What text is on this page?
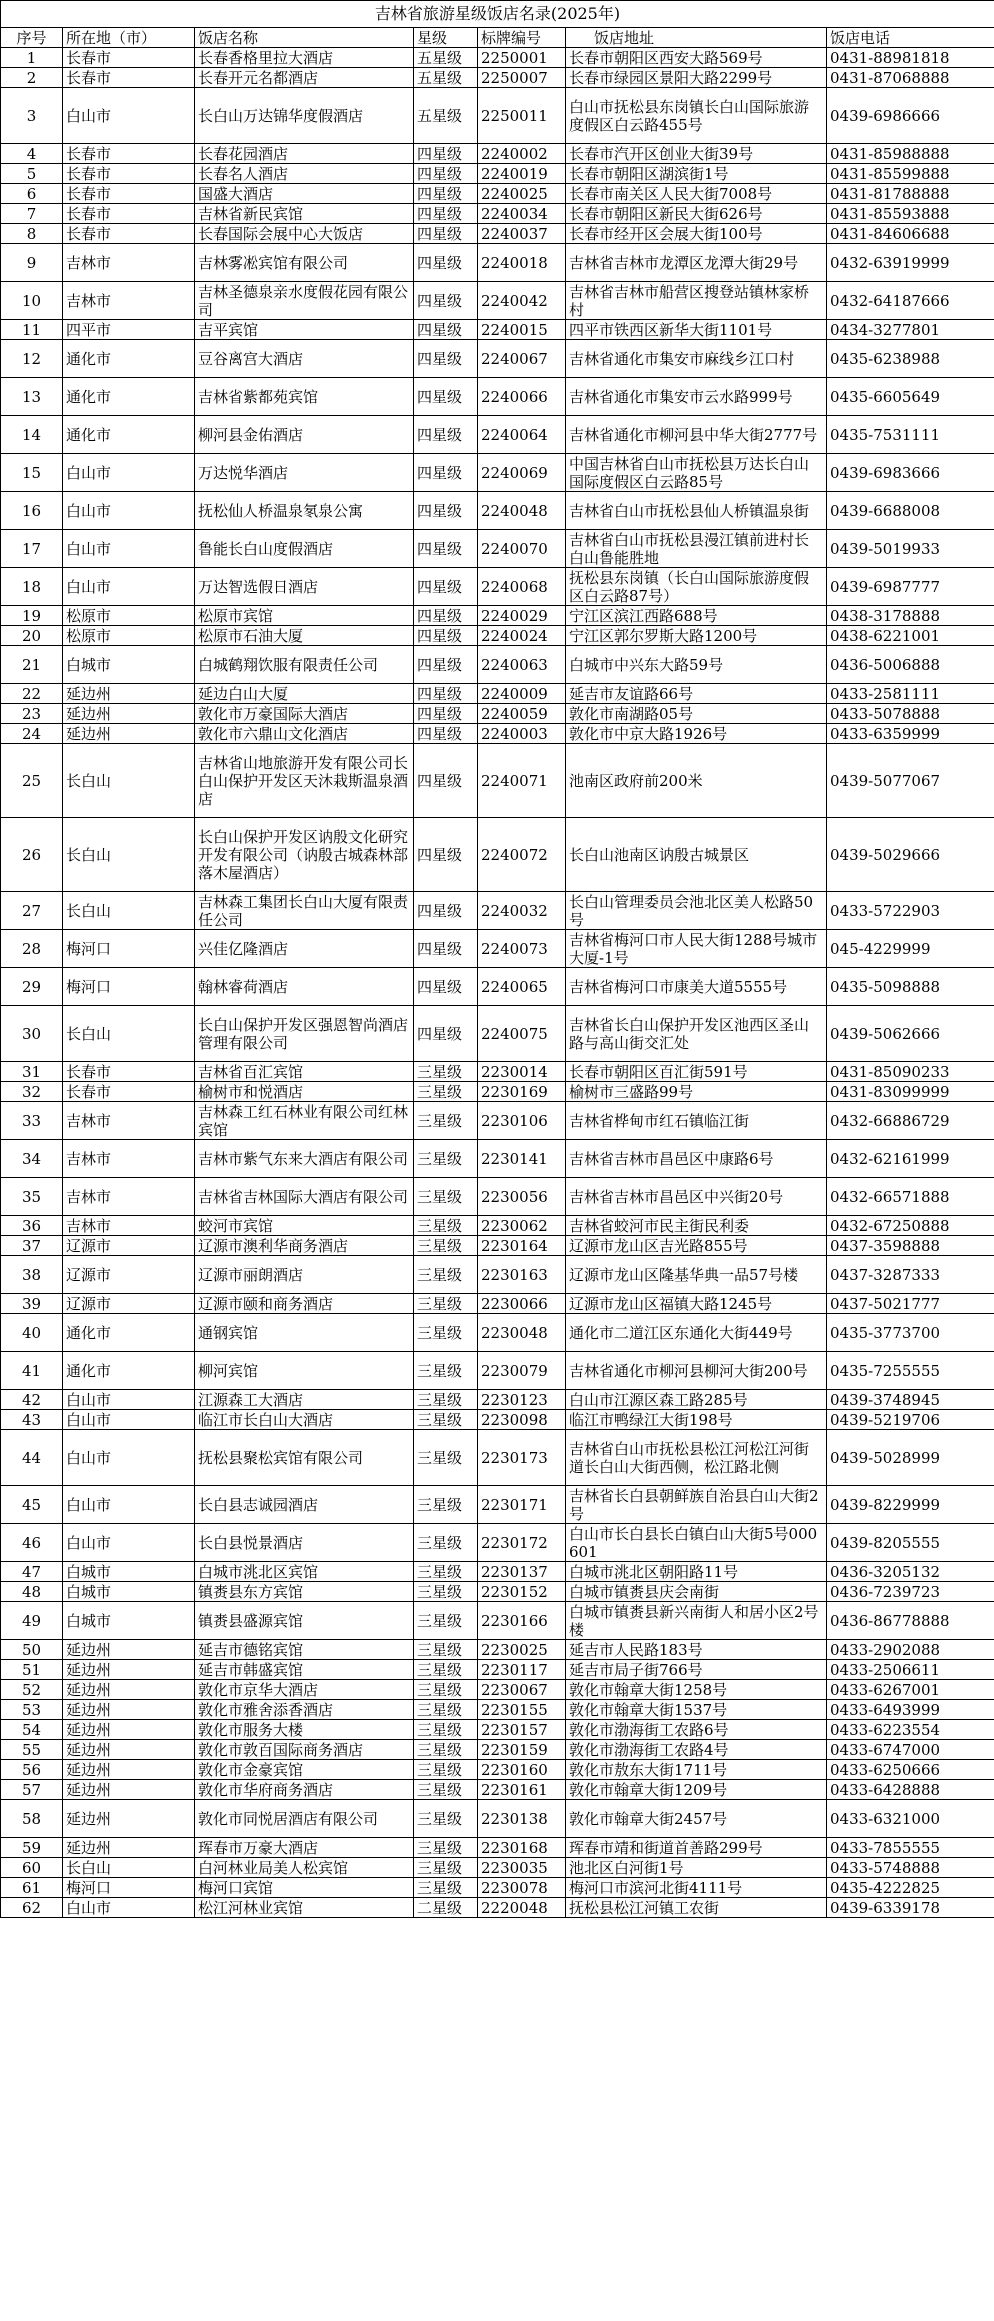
吉林省旅游星级饭店名录(2025年)						
序号	所在地（市）	饭店名称	星级	标牌编号	饭店地址	饭店电话
1	长春市	长春香格里拉大酒店	五星级	2250001	长春市朝阳区西安大路569号	0431-88981818
2	长春市	长春开元名都酒店	五星级	2250007	长春市绿园区景阳大路2299号	0431-87068888
3	白山市	长白山万达锦华度假酒店	五星级	2250011	白山市抚松县东岗镇长白山国际旅游度假区白云路455号	0439-6986666
4	长春市	长春花园酒店	四星级	2240002	长春市汽开区创业大街39号	0431-85988888
5	长春市	长春名人酒店	四星级	2240019	长春市朝阳区湖滨街1号	0431-85599888
6	长春市	国盛大酒店	四星级	2240025	长春市南关区人民大街7008号	0431-81788888
7	长春市	吉林省新民宾馆	四星级	2240034	长春市朝阳区新民大街626号	0431-85593888
8	长春市	长春国际会展中心大饭店	四星级	2240037	长春市经开区会展大街100号	0431-84606688
9	吉林市	吉林雾凇宾馆有限公司	四星级	2240018	吉林省吉林市龙潭区龙潭大街29号	0432-63919999
10	吉林市	吉林圣德泉亲水度假花园有限公司	四星级	2240042	吉林省吉林市船营区搜登站镇林家桥村	0432-64187666
11	四平市	吉平宾馆	四星级	2240015	四平市铁西区新华大街1101号	0434-3277801
12	通化市	豆谷离宫大酒店	四星级	2240067	吉林省通化市集安市麻线乡江口村	0435-6238988
13	通化市	吉林省紫都苑宾馆	四星级	2240066	吉林省通化市集安市云水路999号	0435-6605649
14	通化市	柳河县金佑酒店	四星级	2240064	吉林省通化市柳河县中华大街2777号	0435-7531111
15	白山市	万达悦华酒店	四星级	2240069	中国吉林省白山市抚松县万达长白山国际度假区白云路85号	0439-6983666
16	白山市	抚松仙人桥温泉氡泉公寓	四星级	2240048	吉林省白山市抚松县仙人桥镇温泉街	0439-6688008
17	白山市	鲁能长白山度假酒店	四星级	2240070	吉林省白山市抚松县漫江镇前进村长白山鲁能胜地	0439-5019933
18	白山市	万达智选假日酒店	四星级	2240068	抚松县东岗镇（长白山国际旅游度假区白云路87号）	0439-6987777
19	松原市	松原市宾馆	四星级	2240029	宁江区滨江西路688号	0438-3178888
20	松原市	松原市石油大厦	四星级	2240024	宁江区郭尔罗斯大路1200号	0438-6221001
21	白城市	白城鹤翔饮服有限责任公司	四星级	2240063	白城市中兴东大路59号	0436-5006888
22	延边州	延边白山大厦	四星级	2240009	延吉市友谊路66号	0433-2581111
23	延边州	敦化市万豪国际大酒店	四星级	2240059	敦化市南湖路05号	0433-5078888
24	延边州	敦化市六鼎山文化酒店	四星级	2240003	敦化市中京大路1926号	0433-6359999
25	长白山	吉林省山地旅游开发有限公司长白山保护开发区天沐栽斯温泉酒店	四星级	2240071	池南区政府前200米	0439-5077067
26	长白山	长白山保护开发区讷殷文化研究开发有限公司（讷殷古城森林部落木屋酒店）	四星级	2240072	长白山池南区讷殷古城景区	0439-5029666
27	长白山	吉林森工集团长白山大厦有限责任公司	四星级	2240032	长白山管理委员会池北区美人松路50号	0433-5722903
28	梅河口	兴佳亿隆酒店	四星级	2240073	吉林省梅河口市人民大街1288号城市大厦-1号	045-4229999
29	梅河口	翰林睿荷酒店	四星级	2240065	吉林省梅河口市康美大道5555号	0435-5098888
30	长白山	长白山保护开发区强恩智尚酒店管理有限公司	四星级	2240075	吉林省长白山保护开发区池西区圣山路与高山街交汇处	0439-5062666
31	长春市	吉林省百汇宾馆	三星级	2230014	长春市朝阳区百汇街591号	0431-85090233
32	长春市	榆树市和悦酒店	三星级	2230169	榆树市三盛路99号	0431-83099999
33	吉林市	吉林森工红石林业有限公司红林宾馆	三星级	2230106	吉林省桦甸市红石镇临江街	0432-66886729
34	吉林市	吉林市紫气东来大酒店有限公司	三星级	2230141	吉林省吉林市昌邑区中康路6号	0432-62161999
35	吉林市	吉林省吉林国际大酒店有限公司	三星级	2230056	吉林省吉林市昌邑区中兴街20号	0432-66571888
36	吉林市	蛟河市宾馆	三星级	2230062	吉林省蛟河市民主街民利委	0432-67250888
37	辽源市	辽源市澳利华商务酒店	三星级	2230164	辽源市龙山区吉光路855号	0437-3598888
38	辽源市	辽源市丽朗酒店	三星级	2230163	辽源市龙山区隆基华典一品57号楼	0437-3287333
39	辽源市	辽源市颐和商务酒店	三星级	2230066	辽源市龙山区福镇大路1245号	0437-5021777
40	通化市	通钢宾馆	三星级	2230048	通化市二道江区东通化大街449号	0435-3773700
41	通化市	柳河宾馆	三星级	2230079	吉林省通化市柳河县柳河大街200号	0435-7255555
42	白山市	江源森工大酒店	三星级	2230123	白山市江源区森工路285号	0439-3748945
43	白山市	临江市长白山大酒店	三星级	2230098	临江市鸭绿江大街198号	0439-5219706
44	白山市	抚松县聚松宾馆有限公司	三星级	2230173	吉林省白山市抚松县松江河松江河街道长白山大街西侧，松江路北侧	0439-5028999
45	白山市	长白县志诚园酒店	三星级	2230171	吉林省长白县朝鲜族自治县白山大街2号	0439-8229999
46	白山市	长白县悦景酒店	三星级	2230172	白山市长白县长白镇白山大街5号000601	0439-8205555
47	白城市	白城市洮北区宾馆	三星级	2230137	白城市洮北区朝阳路11号	0436-3205132
48	白城市	镇赉县东方宾馆	三星级	2230152	白城市镇赉县庆会南街	0436-7239723
49	白城市	镇赉县盛源宾馆	三星级	2230166	白城市镇赉县新兴南街人和居小区2号楼	0436-86778888
50	延边州	延吉市德铭宾馆	三星级	2230025	延吉市人民路183号	0433-2902088
51	延边州	延吉市韩盛宾馆	三星级	2230117	延吉市局子街766号	0433-2506611
52	延边州	敦化市京华大酒店	三星级	2230067	敦化市翰章大街1258号	0433-6267001
53	延边州	敦化市雅舍添香酒店	三星级	2230155	敦化市翰章大街1537号	0433-6493999
54	延边州	敦化市服务大楼	三星级	2230157	敦化市渤海街工农路6号	0433-6223554
55	延边州	敦化市敦百国际商务酒店	三星级	2230159	敦化市渤海街工农路4号	0433-6747000
56	延边州	敦化市金豪宾馆	三星级	2230160	敦化市敖东大街1711号	0433-6250666
57	延边州	敦化市华府商务酒店	三星级	2230161	敦化市翰章大街1209号	0433-6428888
58	延边州	敦化市同悦居酒店有限公司	三星级	2230138	敦化市翰章大街2457号	0433-6321000
59	延边州	珲春市万豪大酒店	三星级	2230168	珲春市靖和街道首善路299号	0433-7855555
60	长白山	白河林业局美人松宾馆	三星级	2230035	池北区白河街1号	0433-5748888
61	梅河口	梅河口宾馆	三星级	2230078	梅河口市滨河北街4111号	0435-4222825
62	白山市	松江河林业宾馆	二星级	2220048	抚松县松江河镇工农街	0439-6339178
